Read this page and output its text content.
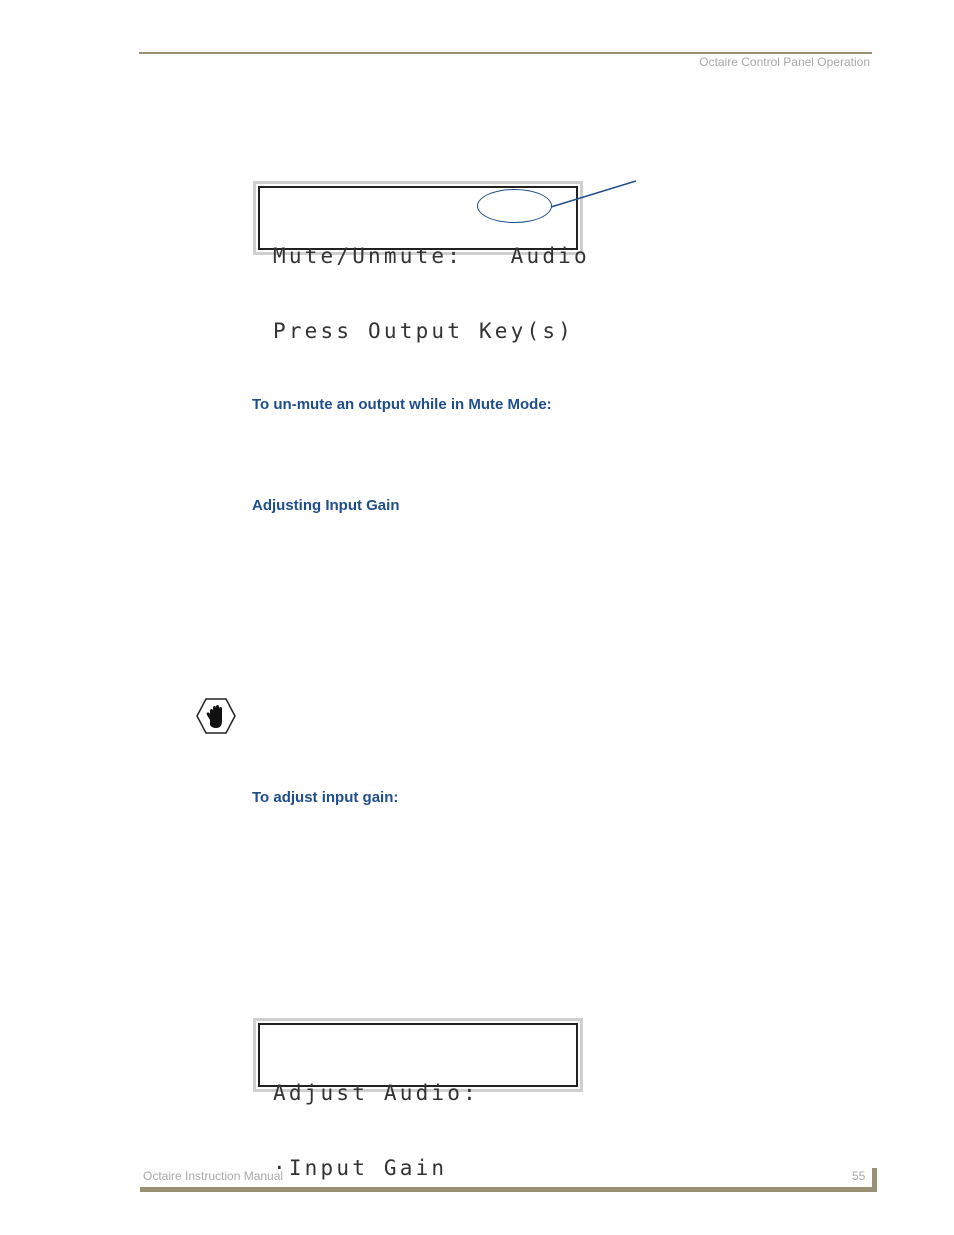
Octaire Control Panel Operation

Mute/Unmute:   Audio

Press Output Key(s)

To un-mute an output while in Mute Mode:
Adjusting Input Gain
To adjust input gain:

Adjust Audio:

·Input Gain

Octaire Instruction Manual	55
